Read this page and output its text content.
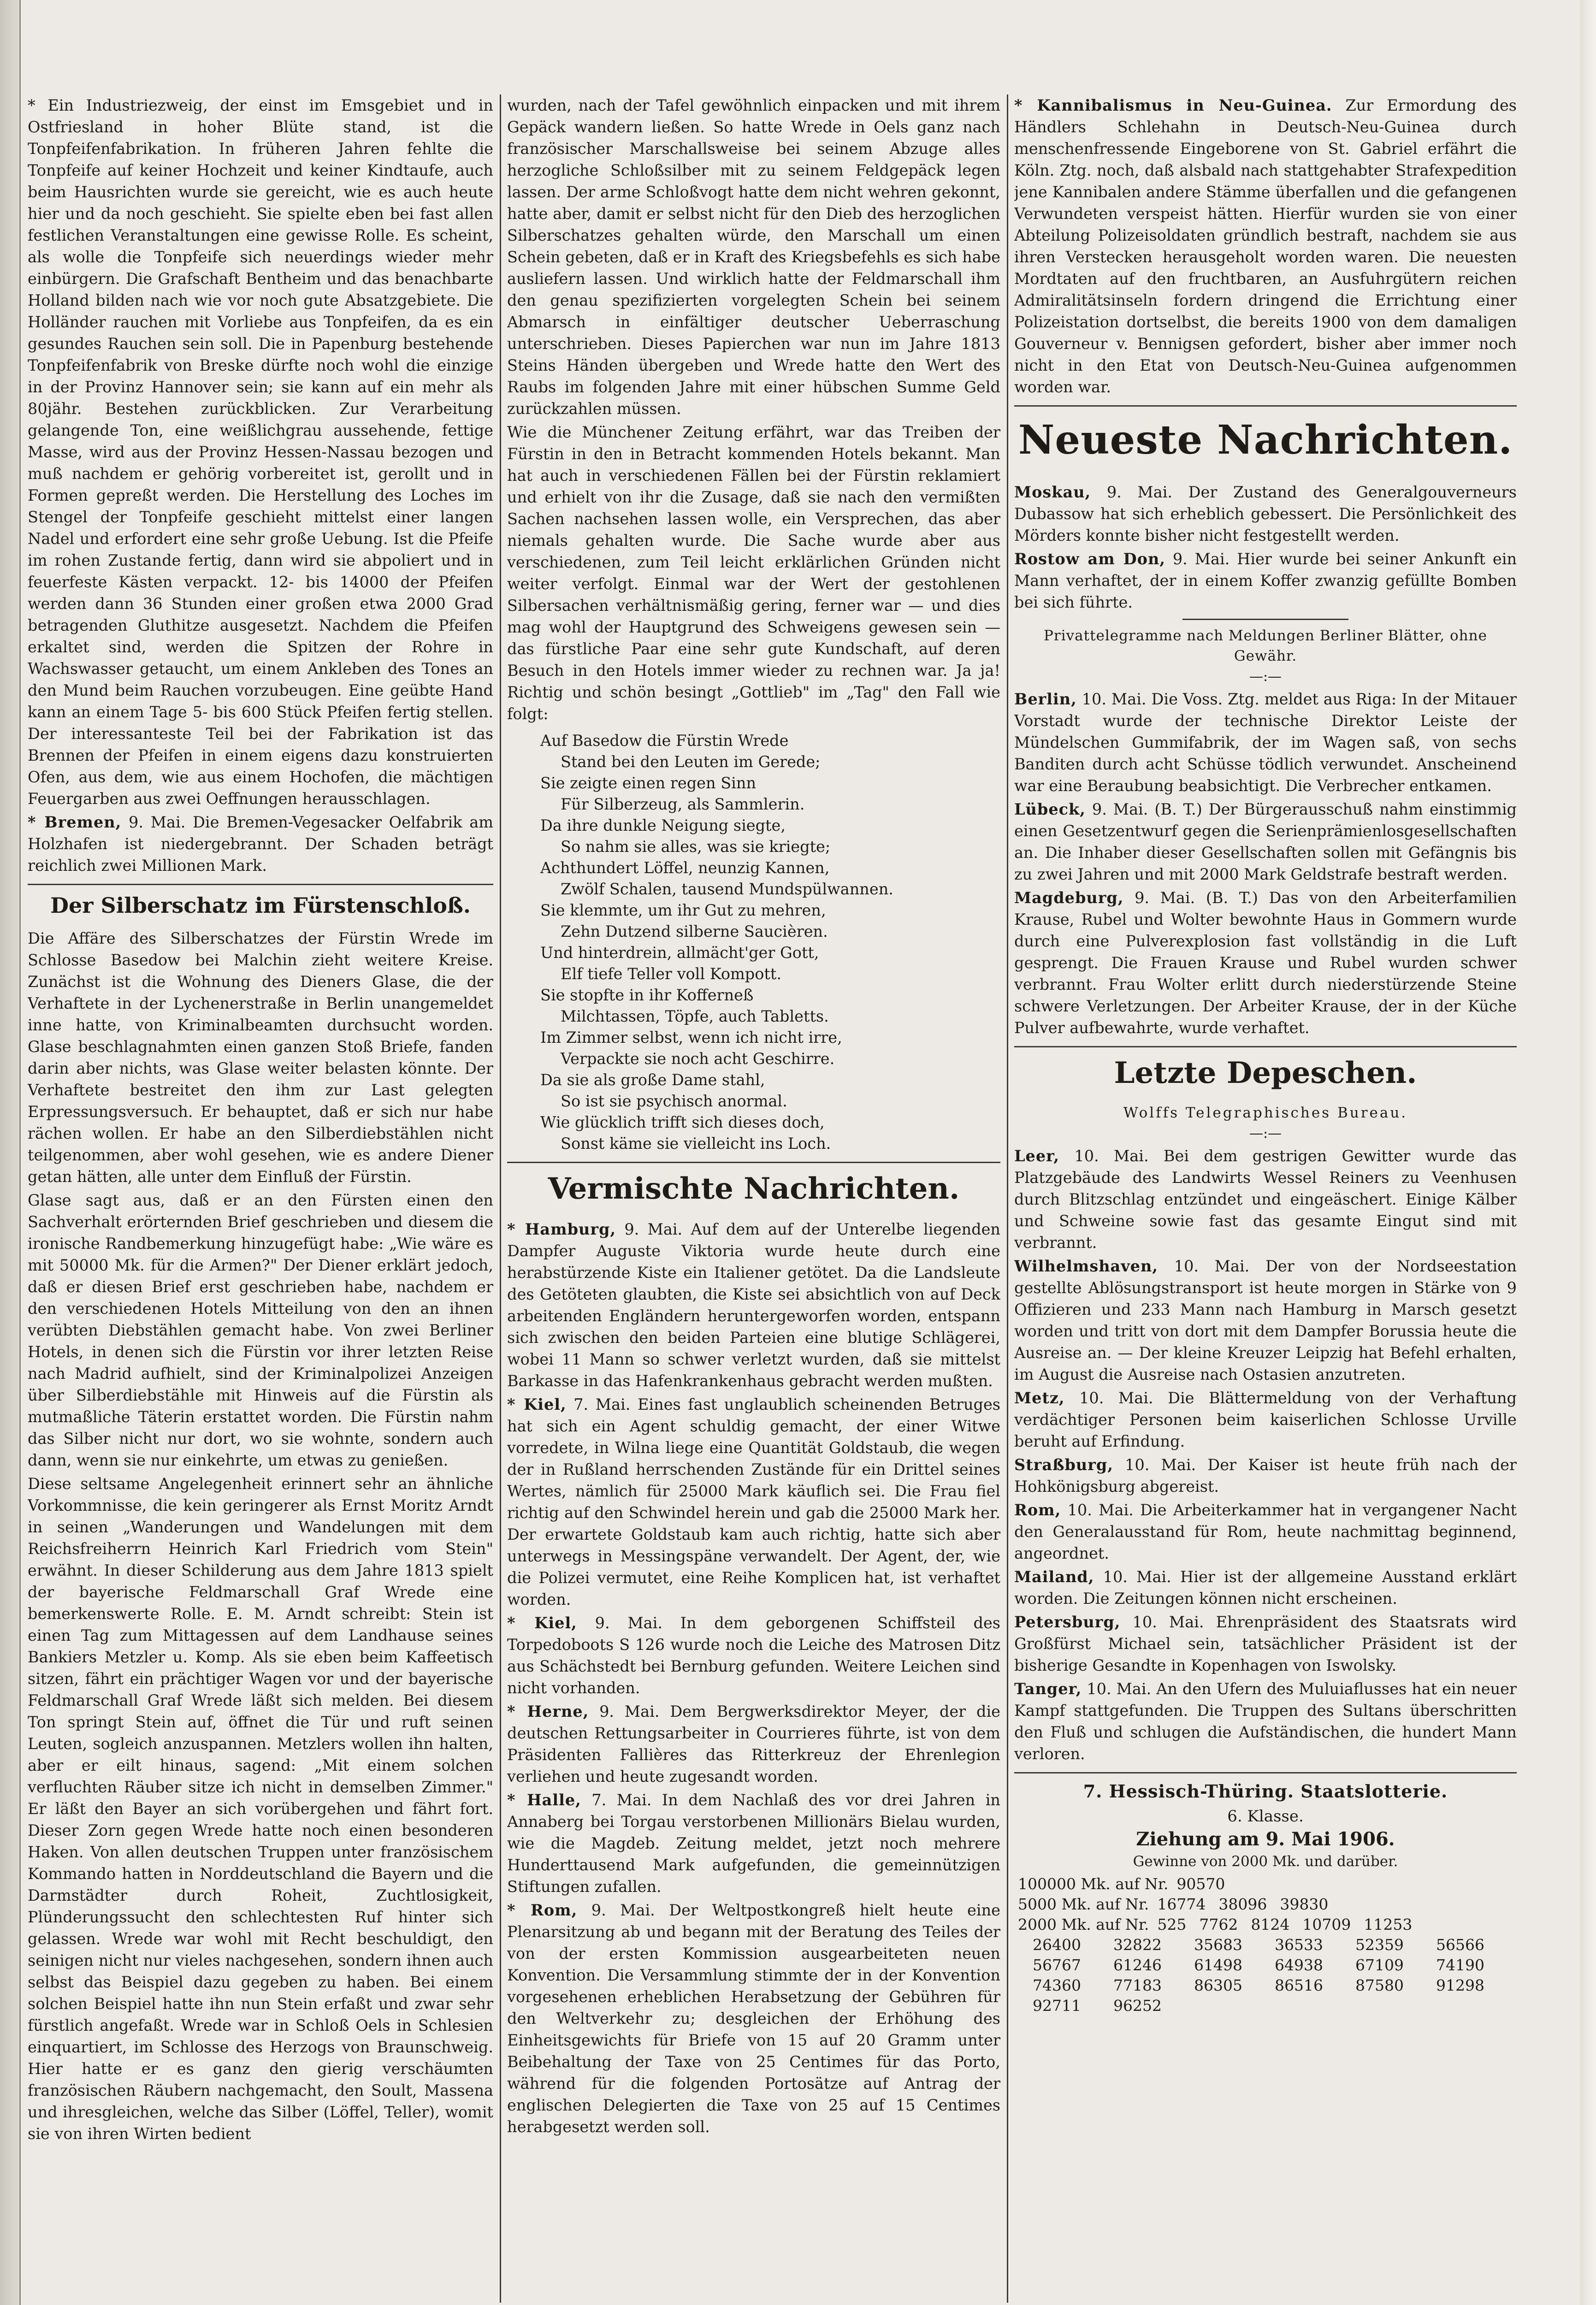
* Ein Industriezweig, der einst im Emsgebiet und in Ostfriesland in hoher Blüte stand, ist die Tonpfeifenfabrikation. In früheren Jahren fehlte die Tonpfeife auf keiner Hochzeit und keiner Kindtaufe, auch beim Hausrichten wurde sie gereicht, wie es auch heute hier und da noch geschieht. Sie spielte eben bei fast allen festlichen Veranstaltungen eine gewisse Rolle. Es scheint, als wolle die Tonpfeife sich neuerdings wieder mehr einbürgern. Die Grafschaft Bentheim und das benachbarte Holland bilden nach wie vor noch gute Absatzgebiete. Die Holländer rauchen mit Vorliebe aus Tonpfeifen, da es ein gesundes Rauchen sein soll. Die in Papenburg bestehende Tonpfeifenfabrik von Breske dürfte noch wohl die einzige in der Provinz Hannover sein; sie kann auf ein mehr als 80jähr. Bestehen zurückblicken. Zur Verarbeitung gelangende Ton, eine weißlichgrau aussehende, fettige Masse, wird aus der Provinz Hessen-Nassau bezogen und muß nachdem er gehörig vorbereitet ist, gerollt und in Formen gepreßt werden. Die Herstellung des Loches im Stengel der Tonpfeife geschieht mittelst einer langen Nadel und erfordert eine sehr große Uebung. Ist die Pfeife im rohen Zustande fertig, dann wird sie abpoliert und in feuerfeste Kästen verpackt. 12- bis 14000 der Pfeifen werden dann 36 Stunden einer großen etwa 2000 Grad betragenden Gluthitze ausgesetzt. Nachdem die Pfeifen erkaltet sind, werden die Spitzen der Rohre in Wachswasser getaucht, um einem Ankleben des Tones an den Mund beim Rauchen vorzubeugen. Eine geübte Hand kann an einem Tage 5- bis 600 Stück Pfeifen fertig stellen. Der interessanteste Teil bei der Fabrikation ist das Brennen der Pfeifen in einem eigens dazu konstruierten Ofen, aus dem, wie aus einem Hochofen, die mächtigen Feuergarben aus zwei Oeffnungen herausschlagen.

* Bremen, 9. Mai. Die Bremen-Vegesacker Oelfabrik am Holzhafen ist niedergebrannt. Der Schaden beträgt reichlich zwei Millionen Mark.

Der Silberschatz im Fürstenschloß.

Die Affäre des Silberschatzes der Fürstin Wrede im Schlosse Basedow bei Malchin zieht weitere Kreise. Zunächst ist die Wohnung des Dieners Glase, die der Verhaftete in der Lychenerstraße in Berlin unangemeldet inne hatte, von Kriminalbeamten durchsucht worden. Glase beschlagnahmten einen ganzen Stoß Briefe, fanden darin aber nichts, was Glase weiter belasten könnte. Der Verhaftete bestreitet den ihm zur Last gelegten Erpressungsversuch. Er behauptet, daß er sich nur habe rächen wollen. Er habe an den Silberdiebstählen nicht teilgenommen, aber wohl gesehen, wie es andere Diener getan hätten, alle unter dem Einfluß der Fürstin.

Glase sagt aus, daß er an den Fürsten einen den Sachverhalt erörternden Brief geschrieben und diesem die ironische Randbemerkung hinzugefügt habe: „Wie wäre es mit 50000 Mk. für die Armen?" Der Diener erklärt jedoch, daß er diesen Brief erst geschrieben habe, nachdem er den verschiedenen Hotels Mitteilung von den an ihnen verübten Diebstählen gemacht habe. Von zwei Berliner Hotels, in denen sich die Fürstin vor ihrer letzten Reise nach Madrid aufhielt, sind der Kriminalpolizei Anzeigen über Silberdiebstähle mit Hinweis auf die Fürstin als mutmaßliche Täterin erstattet worden. Die Fürstin nahm das Silber nicht nur dort, wo sie wohnte, sondern auch dann, wenn sie nur einkehrte, um etwas zu genießen.

Diese seltsame Angelegenheit erinnert sehr an ähnliche Vorkommnisse, die kein geringerer als Ernst Moritz Arndt in seinen „Wanderungen und Wandelungen mit dem Reichsfreiherrn Heinrich Karl Friedrich vom Stein" erwähnt. In dieser Schilderung aus dem Jahre 1813 spielt der bayerische Feldmarschall Graf Wrede eine bemerkenswerte Rolle. E. M. Arndt schreibt: Stein ist einen Tag zum Mittagessen auf dem Landhause seines Bankiers Metzler u. Komp. Als sie eben beim Kaffeetisch sitzen, fährt ein prächtiger Wagen vor und der bayerische Feldmarschall Graf Wrede läßt sich melden. Bei diesem Ton springt Stein auf, öffnet die Tür und ruft seinen Leuten, sogleich anzuspannen. Metzlers wollen ihn halten, aber er eilt hinaus, sagend: „Mit einem solchen verfluchten Räuber sitze ich nicht in demselben Zimmer." Er läßt den Bayer an sich vorübergehen und fährt fort. Dieser Zorn gegen Wrede hatte noch einen besonderen Haken. Von allen deutschen Truppen unter französischem Kommando hatten in Norddeutschland die Bayern und die Darmstädter durch Roheit, Zuchtlosigkeit, Plünderungssucht den schlechtesten Ruf hinter sich gelassen. Wrede war wohl mit Recht beschuldigt, den seinigen nicht nur vieles nachgesehen, sondern ihnen auch selbst das Beispiel dazu gegeben zu haben. Bei einem solchen Beispiel hatte ihn nun Stein erfaßt und zwar sehr fürstlich angefaßt. Wrede war in Schloß Oels in Schlesien einquartiert, im Schlosse des Herzogs von Braunschweig. Hier hatte er es ganz den gierig verschäumten französischen Räubern nachgemacht, den Soult, Massena und ihresgleichen, welche das Silber (Löffel, Teller), womit sie von ihren Wirten bedient

wurden, nach der Tafel gewöhnlich einpacken und mit ihrem Gepäck wandern ließen. So hatte Wrede in Oels ganz nach französischer Marschallsweise bei seinem Abzuge alles herzogliche Schloßsilber mit zu seinem Feldgepäck legen lassen. Der arme Schloßvogt hatte dem nicht wehren gekonnt, hatte aber, damit er selbst nicht für den Dieb des herzoglichen Silberschatzes gehalten würde, den Marschall um einen Schein gebeten, daß er in Kraft des Kriegsbefehls es sich habe ausliefern lassen. Und wirklich hatte der Feldmarschall ihm den genau spezifizierten vorgelegten Schein bei seinem Abmarsch in einfältiger deutscher Ueberraschung unterschrieben. Dieses Papierchen war nun im Jahre 1813 Steins Händen übergeben und Wrede hatte den Wert des Raubs im folgenden Jahre mit einer hübschen Summe Geld zurückzahlen müssen.

Wie die Münchener Zeitung erfährt, war das Treiben der Fürstin in den in Betracht kommenden Hotels bekannt. Man hat auch in verschiedenen Fällen bei der Fürstin reklamiert und erhielt von ihr die Zusage, daß sie nach den vermißten Sachen nachsehen lassen wolle, ein Versprechen, das aber niemals gehalten wurde. Die Sache wurde aber aus verschiedenen, zum Teil leicht erklärlichen Gründen nicht weiter verfolgt. Einmal war der Wert der gestohlenen Silbersachen verhältnismäßig gering, ferner war — und dies mag wohl der Hauptgrund des Schweigens gewesen sein — das fürstliche Paar eine sehr gute Kundschaft, auf deren Besuch in den Hotels immer wieder zu rechnen war. Ja ja! Richtig und schön besingt „Gottlieb" im „Tag" den Fall wie folgt:

Auf Basedow die Fürstin Wrede

Stand bei den Leuten im Gerede;

Sie zeigte einen regen Sinn

Für Silberzeug, als Sammlerin.

Da ihre dunkle Neigung siegte,

So nahm sie alles, was sie kriegte;

Achthundert Löffel, neunzig Kannen,

Zwölf Schalen, tausend Mundspülwannen.

Sie klemmte, um ihr Gut zu mehren,

Zehn Dutzend silberne Saucièren.

Und hinterdrein, allmächt'ger Gott,

Elf tiefe Teller voll Kompott.

Sie stopfte in ihr Kofferneß

Milchtassen, Töpfe, auch Tabletts.

Im Zimmer selbst, wenn ich nicht irre,

Verpackte sie noch acht Geschirre.

Da sie als große Dame stahl,

So ist sie psychisch anormal.

Wie glücklich trifft sich dieses doch,

Sonst käme sie vielleicht ins Loch.

Vermischte Nachrichten.

* Hamburg, 9. Mai. Auf dem auf der Unterelbe liegenden Dampfer Auguste Viktoria wurde heute durch eine herabstürzende Kiste ein Italiener getötet. Da die Landsleute des Getöteten glaubten, die Kiste sei absichtlich von auf Deck arbeitenden Engländern heruntergeworfen worden, entspann sich zwischen den beiden Parteien eine blutige Schlägerei, wobei 11 Mann so schwer verletzt wurden, daß sie mittelst Barkasse in das Hafenkrankenhaus gebracht werden mußten.

* Kiel, 7. Mai. Eines fast unglaublich scheinenden Betruges hat sich ein Agent schuldig gemacht, der einer Witwe vorredete, in Wilna liege eine Quantität Goldstaub, die wegen der in Rußland herrschenden Zustände für ein Drittel seines Wertes, nämlich für 25000 Mark käuflich sei. Die Frau fiel richtig auf den Schwindel herein und gab die 25000 Mark her. Der erwartete Goldstaub kam auch richtig, hatte sich aber unterwegs in Messingspäne verwandelt. Der Agent, der, wie die Polizei vermutet, eine Reihe Komplicen hat, ist verhaftet worden.

* Kiel, 9. Mai. In dem geborgenen Schiffsteil des Torpedoboots S 126 wurde noch die Leiche des Matrosen Ditz aus Schächstedt bei Bernburg gefunden. Weitere Leichen sind nicht vorhanden.

* Herne, 9. Mai. Dem Bergwerksdirektor Meyer, der die deutschen Rettungsarbeiter in Courrieres führte, ist von dem Präsidenten Fallières das Ritterkreuz der Ehrenlegion verliehen und heute zugesandt worden.

* Halle, 7. Mai. In dem Nachlaß des vor drei Jahren in Annaberg bei Torgau verstorbenen Millionärs Bielau wurden, wie die Magdeb. Zeitung meldet, jetzt noch mehrere Hunderttausend Mark aufgefunden, die gemeinnützigen Stiftungen zufallen.

* Rom, 9. Mai. Der Weltpostkongreß hielt heute eine Plenarsitzung ab und begann mit der Beratung des Teiles der von der ersten Kommission ausgearbeiteten neuen Konvention. Die Versammlung stimmte der in der Konvention vorgesehenen erheblichen Herabsetzung der Gebühren für den Weltverkehr zu; desgleichen der Erhöhung des Einheitsgewichts für Briefe von 15 auf 20 Gramm unter Beibehaltung der Taxe von 25 Centimes für das Porto, während für die folgenden Portosätze auf Antrag der englischen Delegierten die Taxe von 25 auf 15 Centimes herabgesetzt werden soll.

* Kannibalismus in Neu-Guinea. Zur Ermordung des Händlers Schlehahn in Deutsch-Neu-Guinea durch menschenfressende Eingeborene von St. Gabriel erfährt die Köln. Ztg. noch, daß alsbald nach stattgehabter Strafexpedition jene Kannibalen andere Stämme überfallen und die gefangenen Verwundeten verspeist hätten. Hierfür wurden sie von einer Abteilung Polizeisoldaten gründlich bestraft, nachdem sie aus ihren Verstecken herausgeholt worden waren. Die neuesten Mordtaten auf den fruchtbaren, an Ausfuhrgütern reichen Admiralitätsinseln fordern dringend die Errichtung einer Polizeistation dortselbst, die bereits 1900 von dem damaligen Gouverneur v. Bennigsen gefordert, bisher aber immer noch nicht in den Etat von Deutsch-Neu-Guinea aufgenommen worden war.

Neueste Nachrichten.

Moskau, 9. Mai. Der Zustand des Generalgouverneurs Dubassow hat sich erheblich gebessert. Die Persönlichkeit des Mörders konnte bisher nicht festgestellt werden.

Rostow am Don, 9. Mai. Hier wurde bei seiner Ankunft ein Mann verhaftet, der in einem Koffer zwanzig gefüllte Bomben bei sich führte.

Privattelegramme nach Meldungen Berliner Blätter, ohne Gewähr.
—:—

Berlin, 10. Mai. Die Voss. Ztg. meldet aus Riga: In der Mitauer Vorstadt wurde der technische Direktor Leiste der Mündelschen Gummifabrik, der im Wagen saß, von sechs Banditen durch acht Schüsse tödlich verwundet. Anscheinend war eine Beraubung beabsichtigt. Die Verbrecher entkamen.

Lübeck, 9. Mai. (B. T.) Der Bürgerausschuß nahm einstimmig einen Gesetzentwurf gegen die Serienprämienlosgesellschaften an. Die Inhaber dieser Gesellschaften sollen mit Gefängnis bis zu zwei Jahren und mit 2000 Mark Geldstrafe bestraft werden.

Magdeburg, 9. Mai. (B. T.) Das von den Arbeiterfamilien Krause, Rubel und Wolter bewohnte Haus in Gommern wurde durch eine Pulverexplosion fast vollständig in die Luft gesprengt. Die Frauen Krause und Rubel wurden schwer verbrannt. Frau Wolter erlitt durch niederstürzende Steine schwere Verletzungen. Der Arbeiter Krause, der in der Küche Pulver aufbewahrte, wurde verhaftet.

Letzte Depeschen.
Wolffs Telegraphisches Bureau.
—:—

Leer, 10. Mai. Bei dem gestrigen Gewitter wurde das Platzgebäude des Landwirts Wessel Reiners zu Veenhusen durch Blitzschlag entzündet und eingeäschert. Einige Kälber und Schweine sowie fast das gesamte Eingut sind mit verbrannt.

Wilhelmshaven, 10. Mai. Der von der Nordseestation gestellte Ablösungstransport ist heute morgen in Stärke von 9 Offizieren und 233 Mann nach Hamburg in Marsch gesetzt worden und tritt von dort mit dem Dampfer Borussia heute die Ausreise an. — Der kleine Kreuzer Leipzig hat Befehl erhalten, im August die Ausreise nach Ostasien anzutreten.

Metz, 10. Mai. Die Blättermeldung von der Verhaftung verdächtiger Personen beim kaiserlichen Schlosse Urville beruht auf Erfindung.

Straßburg, 10. Mai. Der Kaiser ist heute früh nach der Hohkönigsburg abgereist.

Rom, 10. Mai. Die Arbeiterkammer hat in vergangener Nacht den Generalausstand für Rom, heute nachmittag beginnend, angeordnet.

Mailand, 10. Mai. Hier ist der allgemeine Ausstand erklärt worden. Die Zeitungen können nicht erscheinen.

Petersburg, 10. Mai. Ehrenpräsident des Staatsrats wird Großfürst Michael sein, tatsächlicher Präsident ist der bisherige Gesandte in Kopenhagen von Iswolsky.

Tanger, 10. Mai. An den Ufern des Muluiaflusses hat ein neuer Kampf stattgefunden. Die Truppen des Sultans überschritten den Fluß und schlugen die Aufständischen, die hundert Mann verloren.

7. Hessisch-Thüring. Staatslotterie.
6. Klasse.
Ziehung am 9. Mai 1906.
Gewinne von 2000 Mk. und darüber.
100000 Mk. auf Nr. 90570
5000 Mk. auf Nr. 16774 38096 39830
2000 Mk. auf Nr. 525 7762 8124 10709 11253
26400	32822	35683	36533	52359	56566
56767	61246	61498	64938	67109	74190
74360	77183	86305	86516	87580	91298
92711	96252
